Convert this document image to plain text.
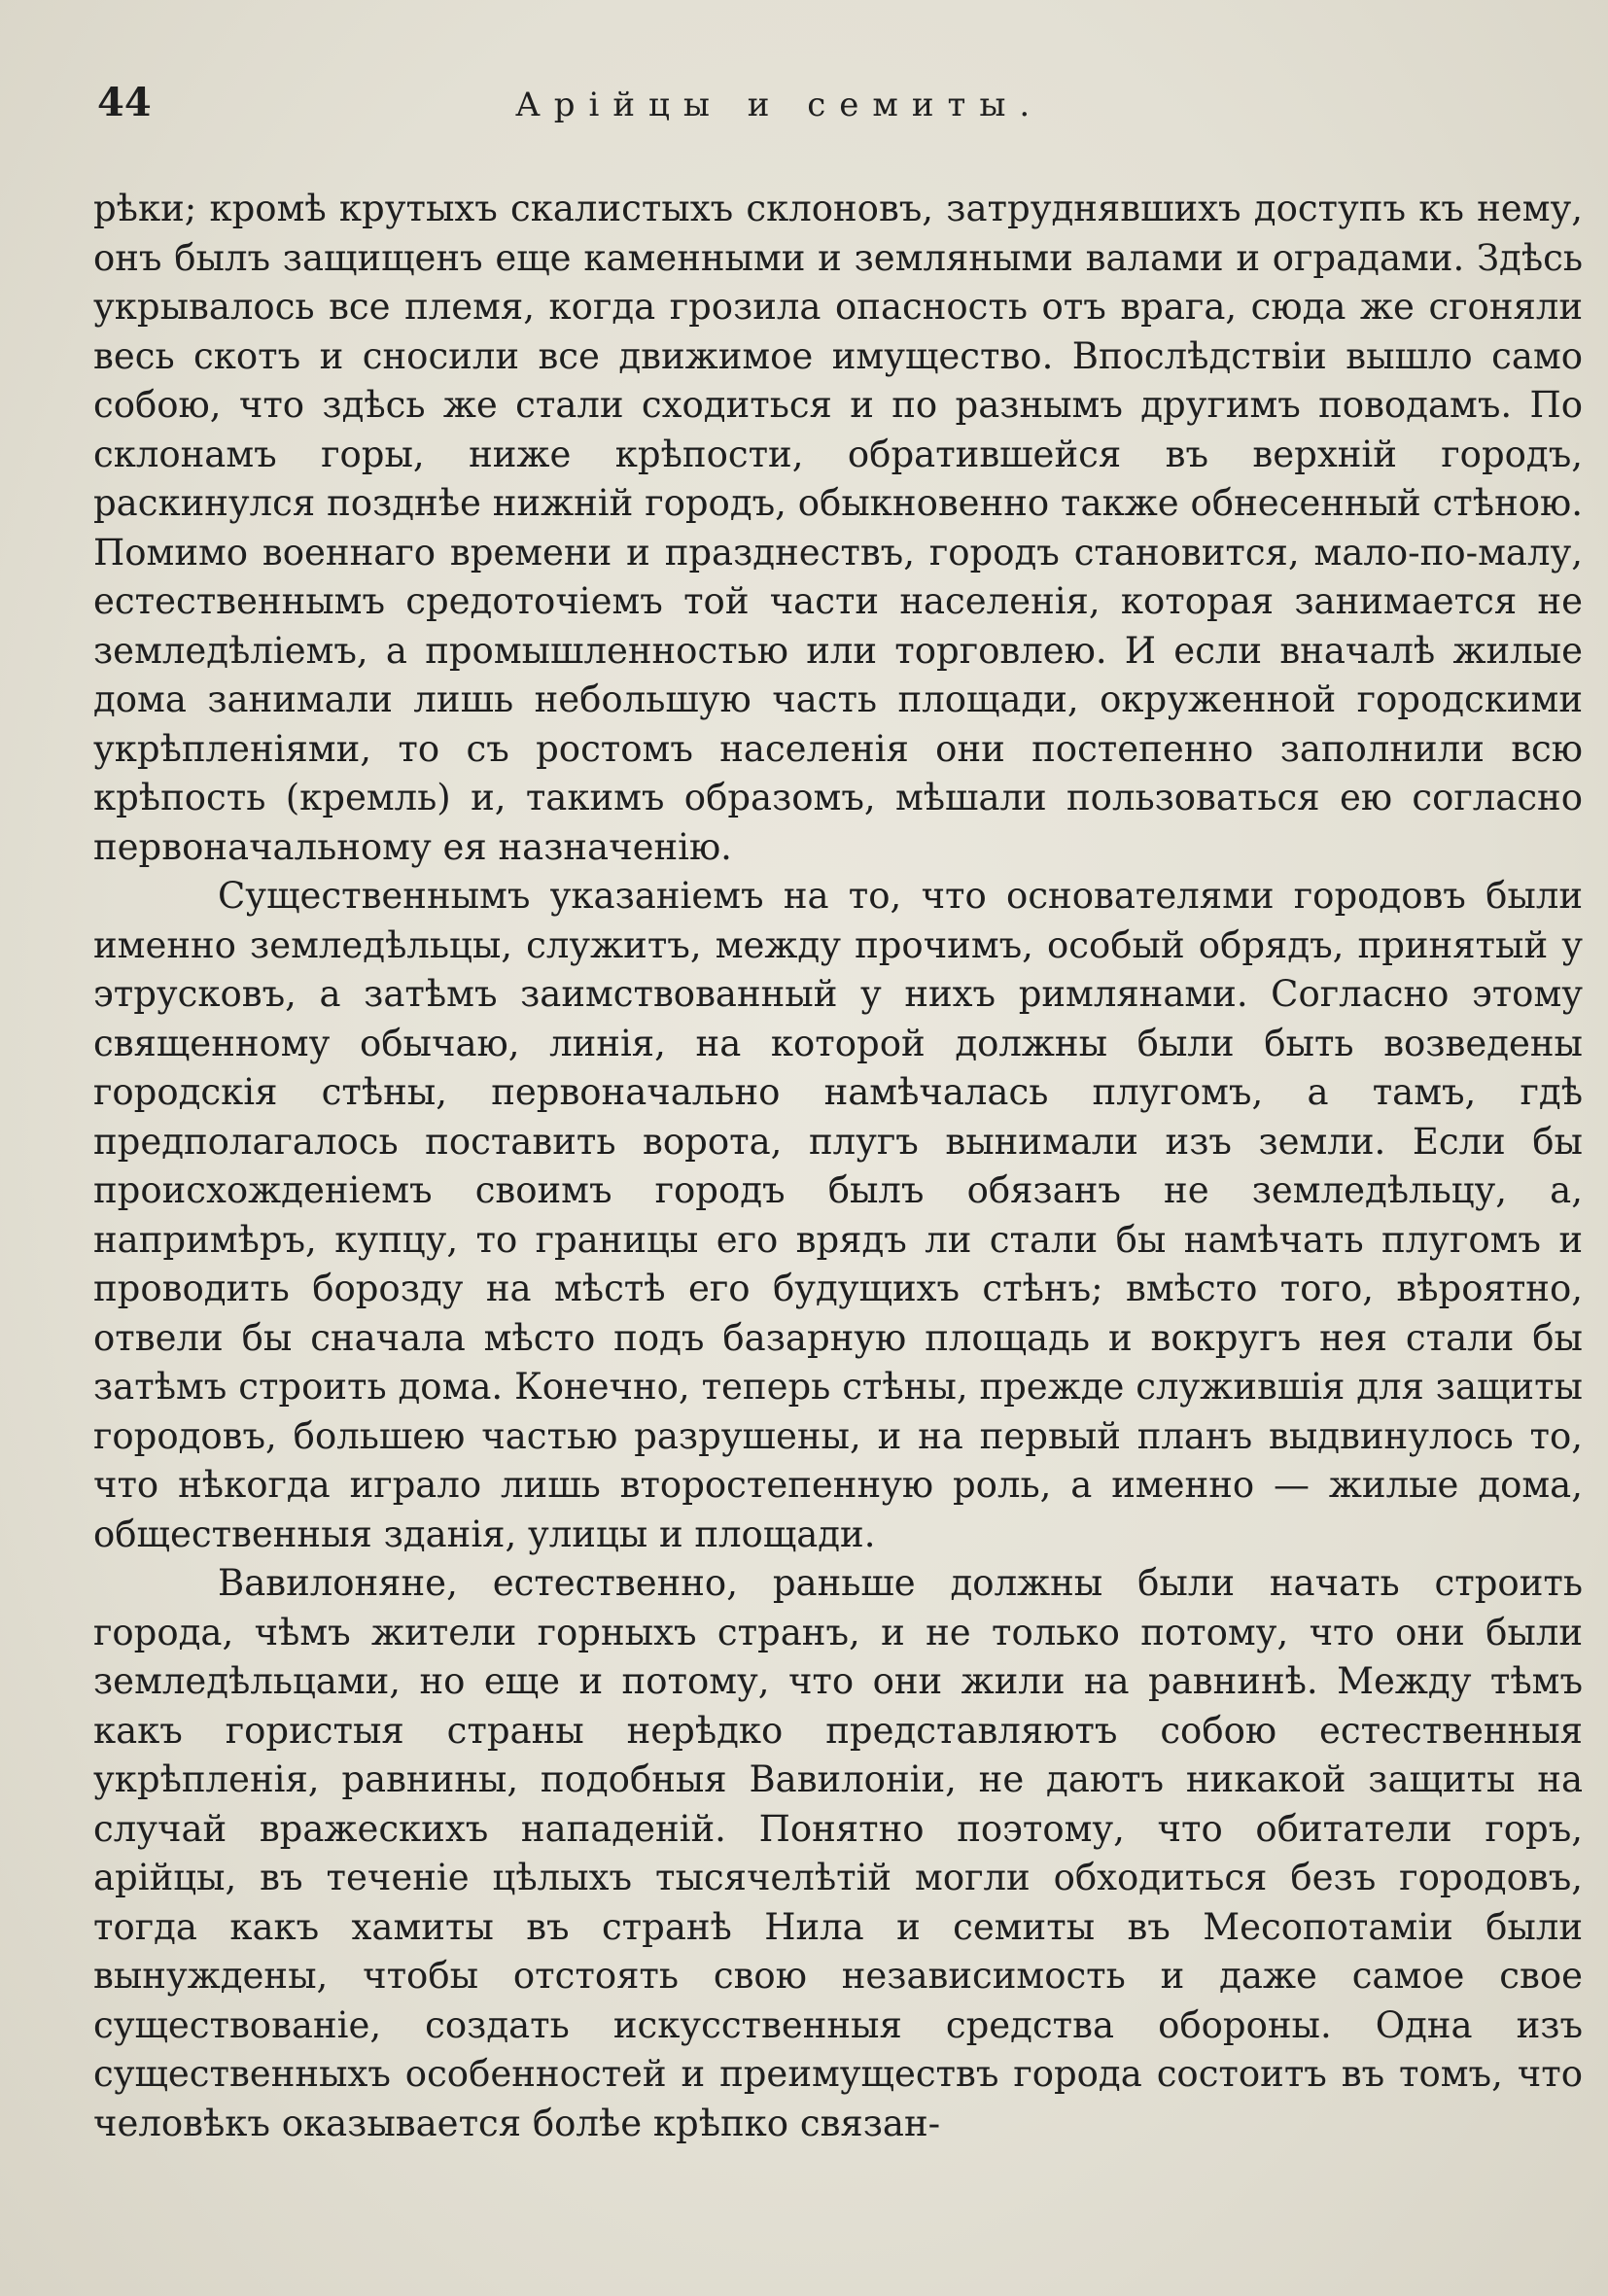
44	Арійцы и семиты.

рѣки; кромѣ крутыхъ скалистыхъ склоновъ, затруднявшихъ доступъ къ нему, онъ былъ защищенъ еще каменными и земляными валами и оградами. Здѣсь укрывалось все племя, когда грозила опасность отъ врага, сюда же сгоняли весь скотъ и сносили все движимое имущество. Впослѣдствіи вышло само собою, что здѣсь же стали сходиться и по разнымъ другимъ поводамъ. По склонамъ горы, ниже крѣпости, обратившейся въ верхній городъ, раскинулся позднѣе нижній городъ, обыкновенно также обнесенный стѣною. Помимо военнаго времени и празднествъ, городъ становится, мало-по-малу, естественнымъ средоточіемъ той части населенія, которая занимается не земледѣліемъ, а промышленностью или торговлею. И если вначалѣ жилые дома занимали лишь небольшую часть площади, окруженной городскими укрѣпленіями, то съ ростомъ населенія они постепенно заполнили всю крѣпость (кремль) и, такимъ образомъ, мѣшали пользоваться ею согласно первоначальному ея назначенію.

Существеннымъ указаніемъ на то, что основателями городовъ были именно земледѣльцы, служитъ, между прочимъ, особый обрядъ, принятый у этрусковъ, а затѣмъ заимствованный у нихъ римлянами. Согласно этому священному обычаю, линія, на которой должны были быть возведены городскія стѣны, первоначально намѣчалась плугомъ, а тамъ, гдѣ предполагалось поставить ворота, плугъ вынимали изъ земли. Если бы происхожденіемъ своимъ городъ былъ обязанъ не земледѣльцу, а, напримѣръ, купцу, то границы его врядъ ли стали бы намѣчать плугомъ и проводить борозду на мѣстѣ его будущихъ стѣнъ; вмѣсто того, вѣроятно, отвели бы сначала мѣсто подъ базарную площадь и вокругъ нея стали бы затѣмъ строить дома. Конечно, теперь стѣны, прежде служившія для защиты городовъ, большею частью разрушены, и на первый планъ выдвинулось то, что нѣкогда играло лишь второстепенную роль, а именно — жилые дома, общественныя зданія, улицы и площади.

Вавилоняне, естественно, раньше должны были начать строить города, чѣмъ жители горныхъ странъ, и не только потому, что они были земледѣльцами, но еще и потому, что они жили на равнинѣ. Между тѣмъ какъ гористыя страны нерѣдко представляютъ собою естественныя укрѣпленія, равнины, подобныя Вавилоніи, не даютъ никакой защиты на случай вражескихъ нападеній. Понятно поэтому, что обитатели горъ, арійцы, въ теченіе цѣлыхъ тысячелѣтій могли обходиться безъ городовъ, тогда какъ хамиты въ странѣ Нила и семиты въ Месопотаміи были вынуждены, чтобы отстоять свою независимость и даже самое свое существованіе, создать искусственныя средства обороны. Одна изъ существенныхъ особенностей и преимуществъ города состоитъ въ томъ, что человѣкъ оказывается болѣе крѣпко связан-
